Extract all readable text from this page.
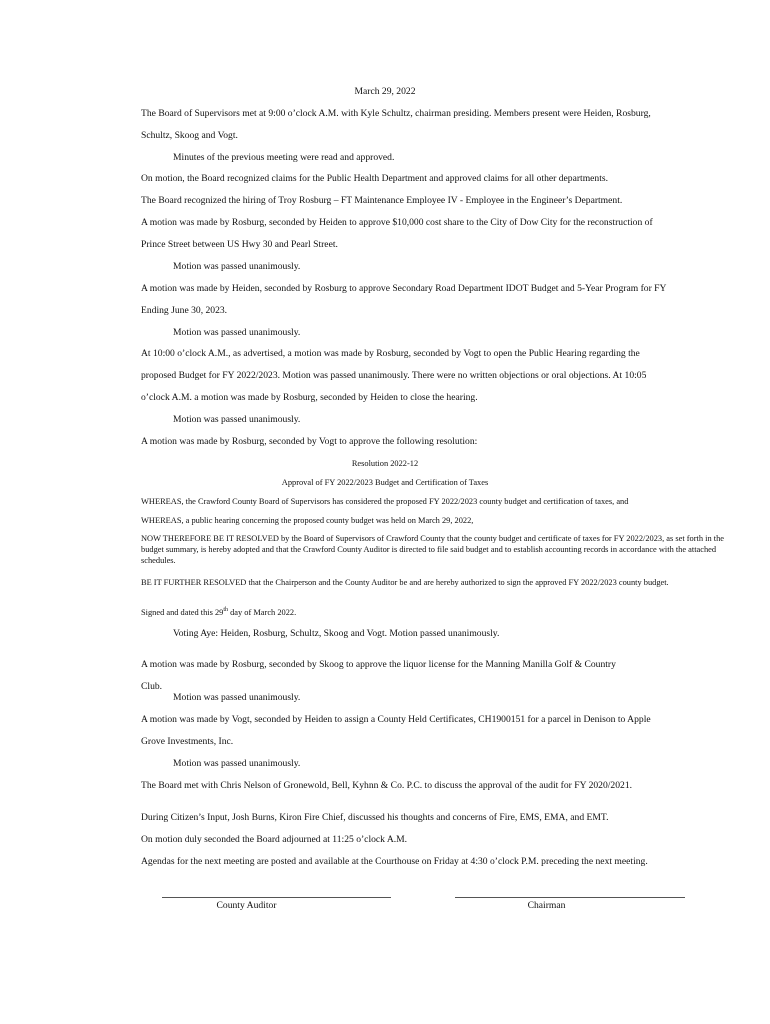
March 29, 2022
The Board of Supervisors met at 9:00 o’clock A.M. with Kyle Schultz, chairman presiding. Members present were Heiden, Rosburg,
Schultz, Skoog and Vogt.
Minutes of the previous meeting were read and approved.
On motion, the Board recognized claims for the Public Health Department and approved claims for all other departments.
The Board recognized the hiring of Troy Rosburg – FT Maintenance Employee IV - Employee in the Engineer’s Department.
A motion was made by Rosburg, seconded by Heiden to approve $10,000 cost share to the City of Dow City for the reconstruction of
Prince Street between US Hwy 30 and Pearl Street.
Motion was passed unanimously.
A motion was made by Heiden, seconded by Rosburg to approve Secondary Road Department IDOT Budget and 5-Year Program for FY
Ending June 30, 2023.
Motion was passed unanimously.
At 10:00 o’clock A.M., as advertised, a motion was made by Rosburg, seconded by Vogt to open the Public Hearing regarding the
proposed Budget for FY 2022/2023. Motion was passed unanimously. There were no written objections or oral objections. At 10:05
o’clock A.M. a motion was made by Rosburg, seconded by Heiden to close the hearing.
Motion was passed unanimously.
A motion was made by Rosburg, seconded by Vogt to approve the following resolution:
Resolution 2022-12
Approval of FY 2022/2023 Budget and Certification of Taxes
WHEREAS, the Crawford County Board of Supervisors has considered the proposed FY 2022/2023 county budget and certification of taxes, and
WHEREAS, a public hearing concerning the proposed county budget was held on March 29, 2022,
NOW THEREFORE BE IT RESOLVED by the Board of Supervisors of Crawford County that the county budget and certificate of taxes for FY 2022/2023, as set forth in the budget summary, is hereby adopted and that the Crawford County Auditor is directed to file said budget and to establish accounting records in accordance with the attached schedules.
BE IT FURTHER RESOLVED that the Chairperson and the County Auditor be and are hereby authorized to sign the approved FY 2022/2023 county budget.
Signed and dated this 29th day of March 2022.
Voting Aye: Heiden, Rosburg, Schultz, Skoog and Vogt. Motion passed unanimously.
A motion was made by Rosburg, seconded by Skoog to approve the liquor license for the Manning Manilla Golf & Country
Club.
Motion was passed unanimously.
A motion was made by Vogt, seconded by Heiden to assign a County Held Certificates, CH1900151 for a parcel in Denison to Apple
Grove Investments, Inc.
Motion was passed unanimously.
The Board met with Chris Nelson of Gronewold, Bell, Kyhnn & Co. P.C. to discuss the approval of the audit for FY 2020/2021.
During Citizen’s Input, Josh Burns, Kiron Fire Chief, discussed his thoughts and concerns of Fire, EMS, EMA, and EMT.
On motion duly seconded the Board adjourned at 11:25 o’clock A.M.
Agendas for the next meeting are posted and available at the Courthouse on Friday at 4:30 o’clock P.M. preceding the next meeting.
County Auditor	Chairman
